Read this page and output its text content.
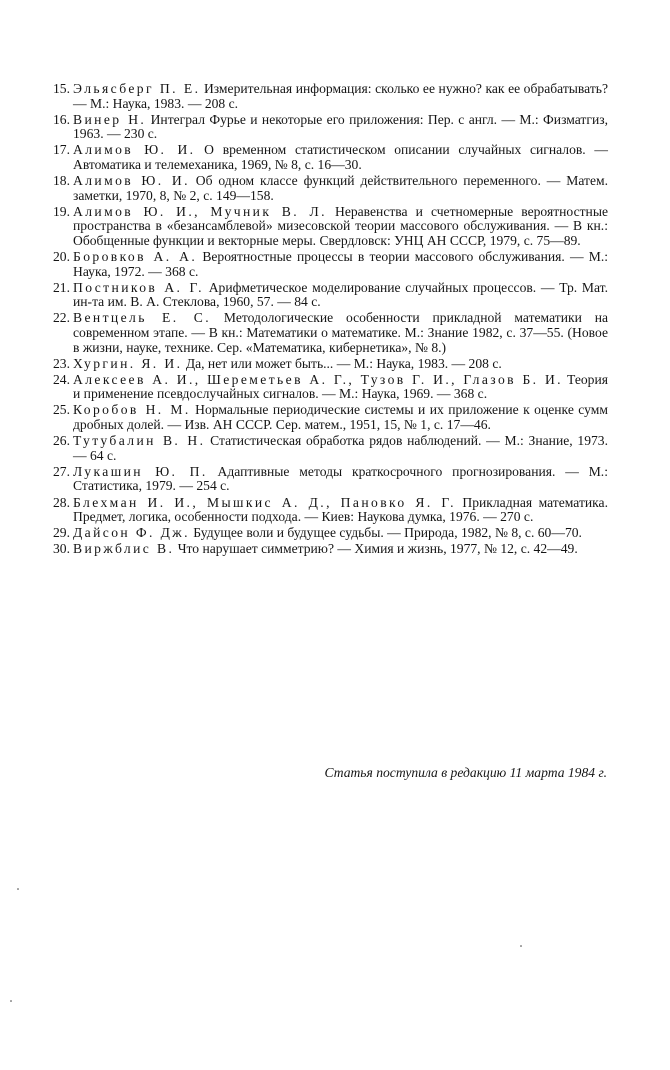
15. Эльясберг П. Е. Измерительная информация: сколько ее нужно? как ее обрабатывать? — М.: Наука, 1983. — 208 с.
16. Винер Н. Интеграл Фурье и некоторые его приложения: Пер. с англ. — М.: Физматгиз, 1963. — 230 с.
17. Алимов Ю. И. О временном статистическом описании случайных сигналов. — Автоматика и телемеханика, 1969, № 8, с. 16—30.
18. Алимов Ю. И. Об одном классе функций действительного переменного. — Матем. заметки, 1970, 8, № 2, с. 149—158.
19. Алимов Ю. И., Мучник В. Л. Неравенства и счетномерные вероятностные пространства в «безансамблевой» мизесовской теории массового обслуживания. — В кн.: Обобщенные функции и векторные меры. Свердловск: УНЦ АН СССР, 1979, с. 75—89.
20. Боровков А. А. Вероятностные процессы в теории массового обслуживания. — М.: Наука, 1972. — 368 с.
21. Постников А. Г. Арифметическое моделирование случайных процессов. — Тр. Мат. ин-та им. В. А. Стеклова, 1960, 57. — 84 с.
22. Вентцель Е. С. Методологические особенности прикладной математики на современном этапе. — В кн.: Математики о математике. М.: Знание 1982, с. 37—55. (Новое в жизни, науке, технике. Сер. «Математика, кибернетика», № 8.)
23. Хургин. Я. И. Да, нет или может быть... — М.: Наука, 1983. — 208 с.
24. Алексеев А. И., Шереметьев А. Г., Тузов Г. И., Глазов Б. И. Теория и применение псевдослучайных сигналов. — М.: Наука, 1969. — 368 с.
25. Коробов Н. М. Нормальные периодические системы и их приложение к оценке сумм дробных долей. — Изв. АН СССР. Сер. матем., 1951, 15, № 1, с. 17—46.
26. Тутубалин В. Н. Статистическая обработка рядов наблюдений. — М.: Знание, 1973. — 64 с.
27. Лукашин Ю. П. Адаптивные методы краткосрочного прогнозирования. — М.: Статистика, 1979. — 254 с.
28. Блехман И. И., Мышкис А. Д., Пановко Я. Г. Прикладная математика. Предмет, логика, особенности подхода. — Киев: Наукова думка, 1976. — 270 с.
29. Дайсон Ф. Дж. Будущее воли и будущее судьбы. — Природа, 1982, № 8, с. 60—70.
30. Виржблис В. Что нарушает симметрию? — Химия и жизнь, 1977, № 12, с. 42—49.

Статья поступила в редакцию 11 марта 1984 г.
